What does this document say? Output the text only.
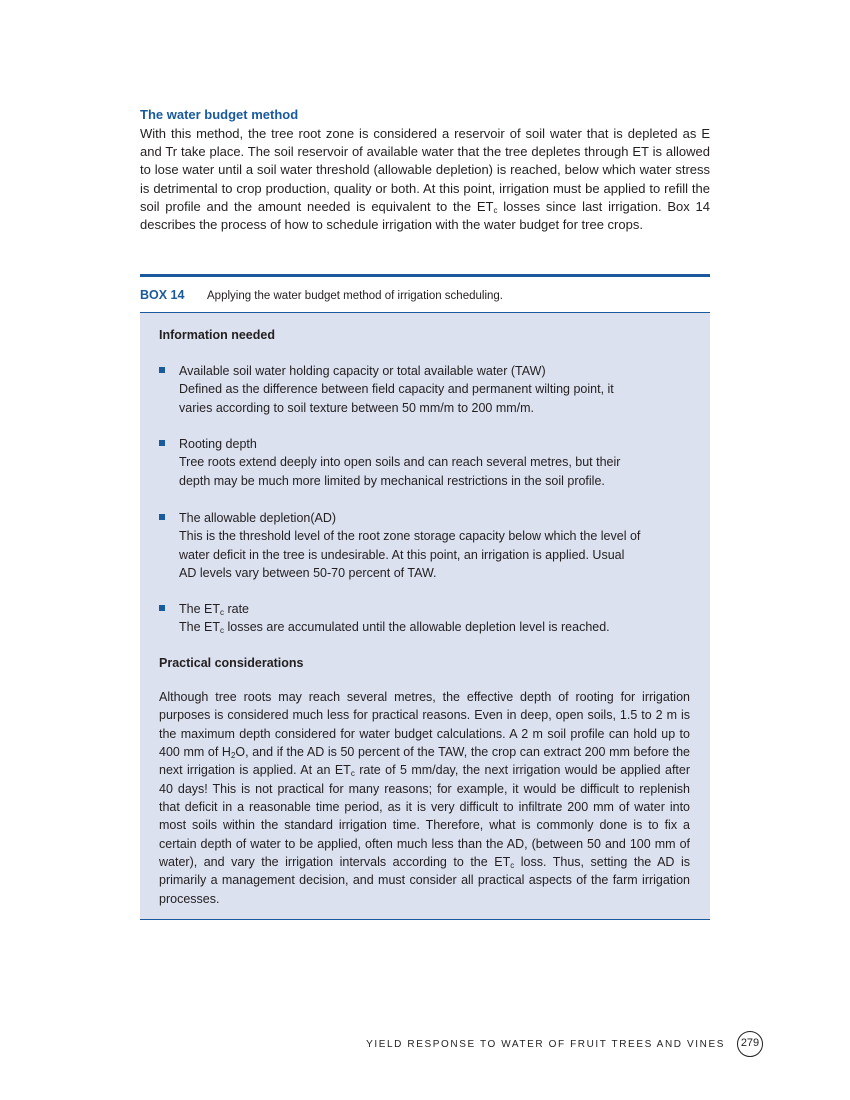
The water budget method

With this method, the tree root zone is considered a reservoir of soil water that is depleted as E and Tr take place. The soil reservoir of available water that the tree depletes through ET is allowed to lose water until a soil water threshold (allowable depletion) is reached, below which water stress is detrimental to crop production, quality or both. At this point, irrigation must be applied to refill the soil profile and the amount needed is equivalent to the $ET_c$ losses since last irrigation. Box 14 describes the process of how to schedule irrigation with the water budget for tree crops.

BOX 14 Applying the water budget method of irrigation scheduling.
Information needed
Available soil water holding capacity or total available water (TAW)
Defined as the difference between field capacity and permanent wilting point, it
varies according to soil texture between 50 mm/m to 200 mm/m.
Rooting depth
Tree roots extend deeply into open soils and can reach several metres, but their
depth may be much more limited by mechanical restrictions in the soil profile.
The allowable depletion(AD)
This is the threshold level of the root zone storage capacity below which the level of
water deficit in the tree is undesirable. At this point, an irrigation is applied. Usual
AD levels vary between 50-70 percent of TAW.
The $ET_c$ rate
The $ET_c$ losses are accumulated until the allowable depletion level is reached.
Practical considerations

Although tree roots may reach several metres, the effective depth of rooting for irrigation purposes is considered much less for practical reasons. Even in deep, open soils, 1.5 to 2 m is the maximum depth considered for water budget calculations. A 2 m soil profile can hold up to 400 mm of $H_2O$, and if the AD is 50 percent of the TAW, the crop can extract 200 mm before the next irrigation is applied. At an $ET_c$ rate of 5 mm/day, the next irrigation would be applied after 40 days! This is not practical for many reasons; for example, it would be difficult to replenish that deficit in a reasonable time period, as it is very difficult to infiltrate 200 mm of water into most soils within the standard irrigation time. Therefore, what is commonly done is to fix a certain depth of water to be applied, often much less than the AD, (between 50 and 100 mm of water), and vary the irrigation intervals according to the $ET_c$ loss. Thus, setting the AD is primarily a management decision, and must consider all practical aspects of the farm irrigation processes.

YIELD RESPONSE TO WATER OF FRUIT TREES AND VINES	279
